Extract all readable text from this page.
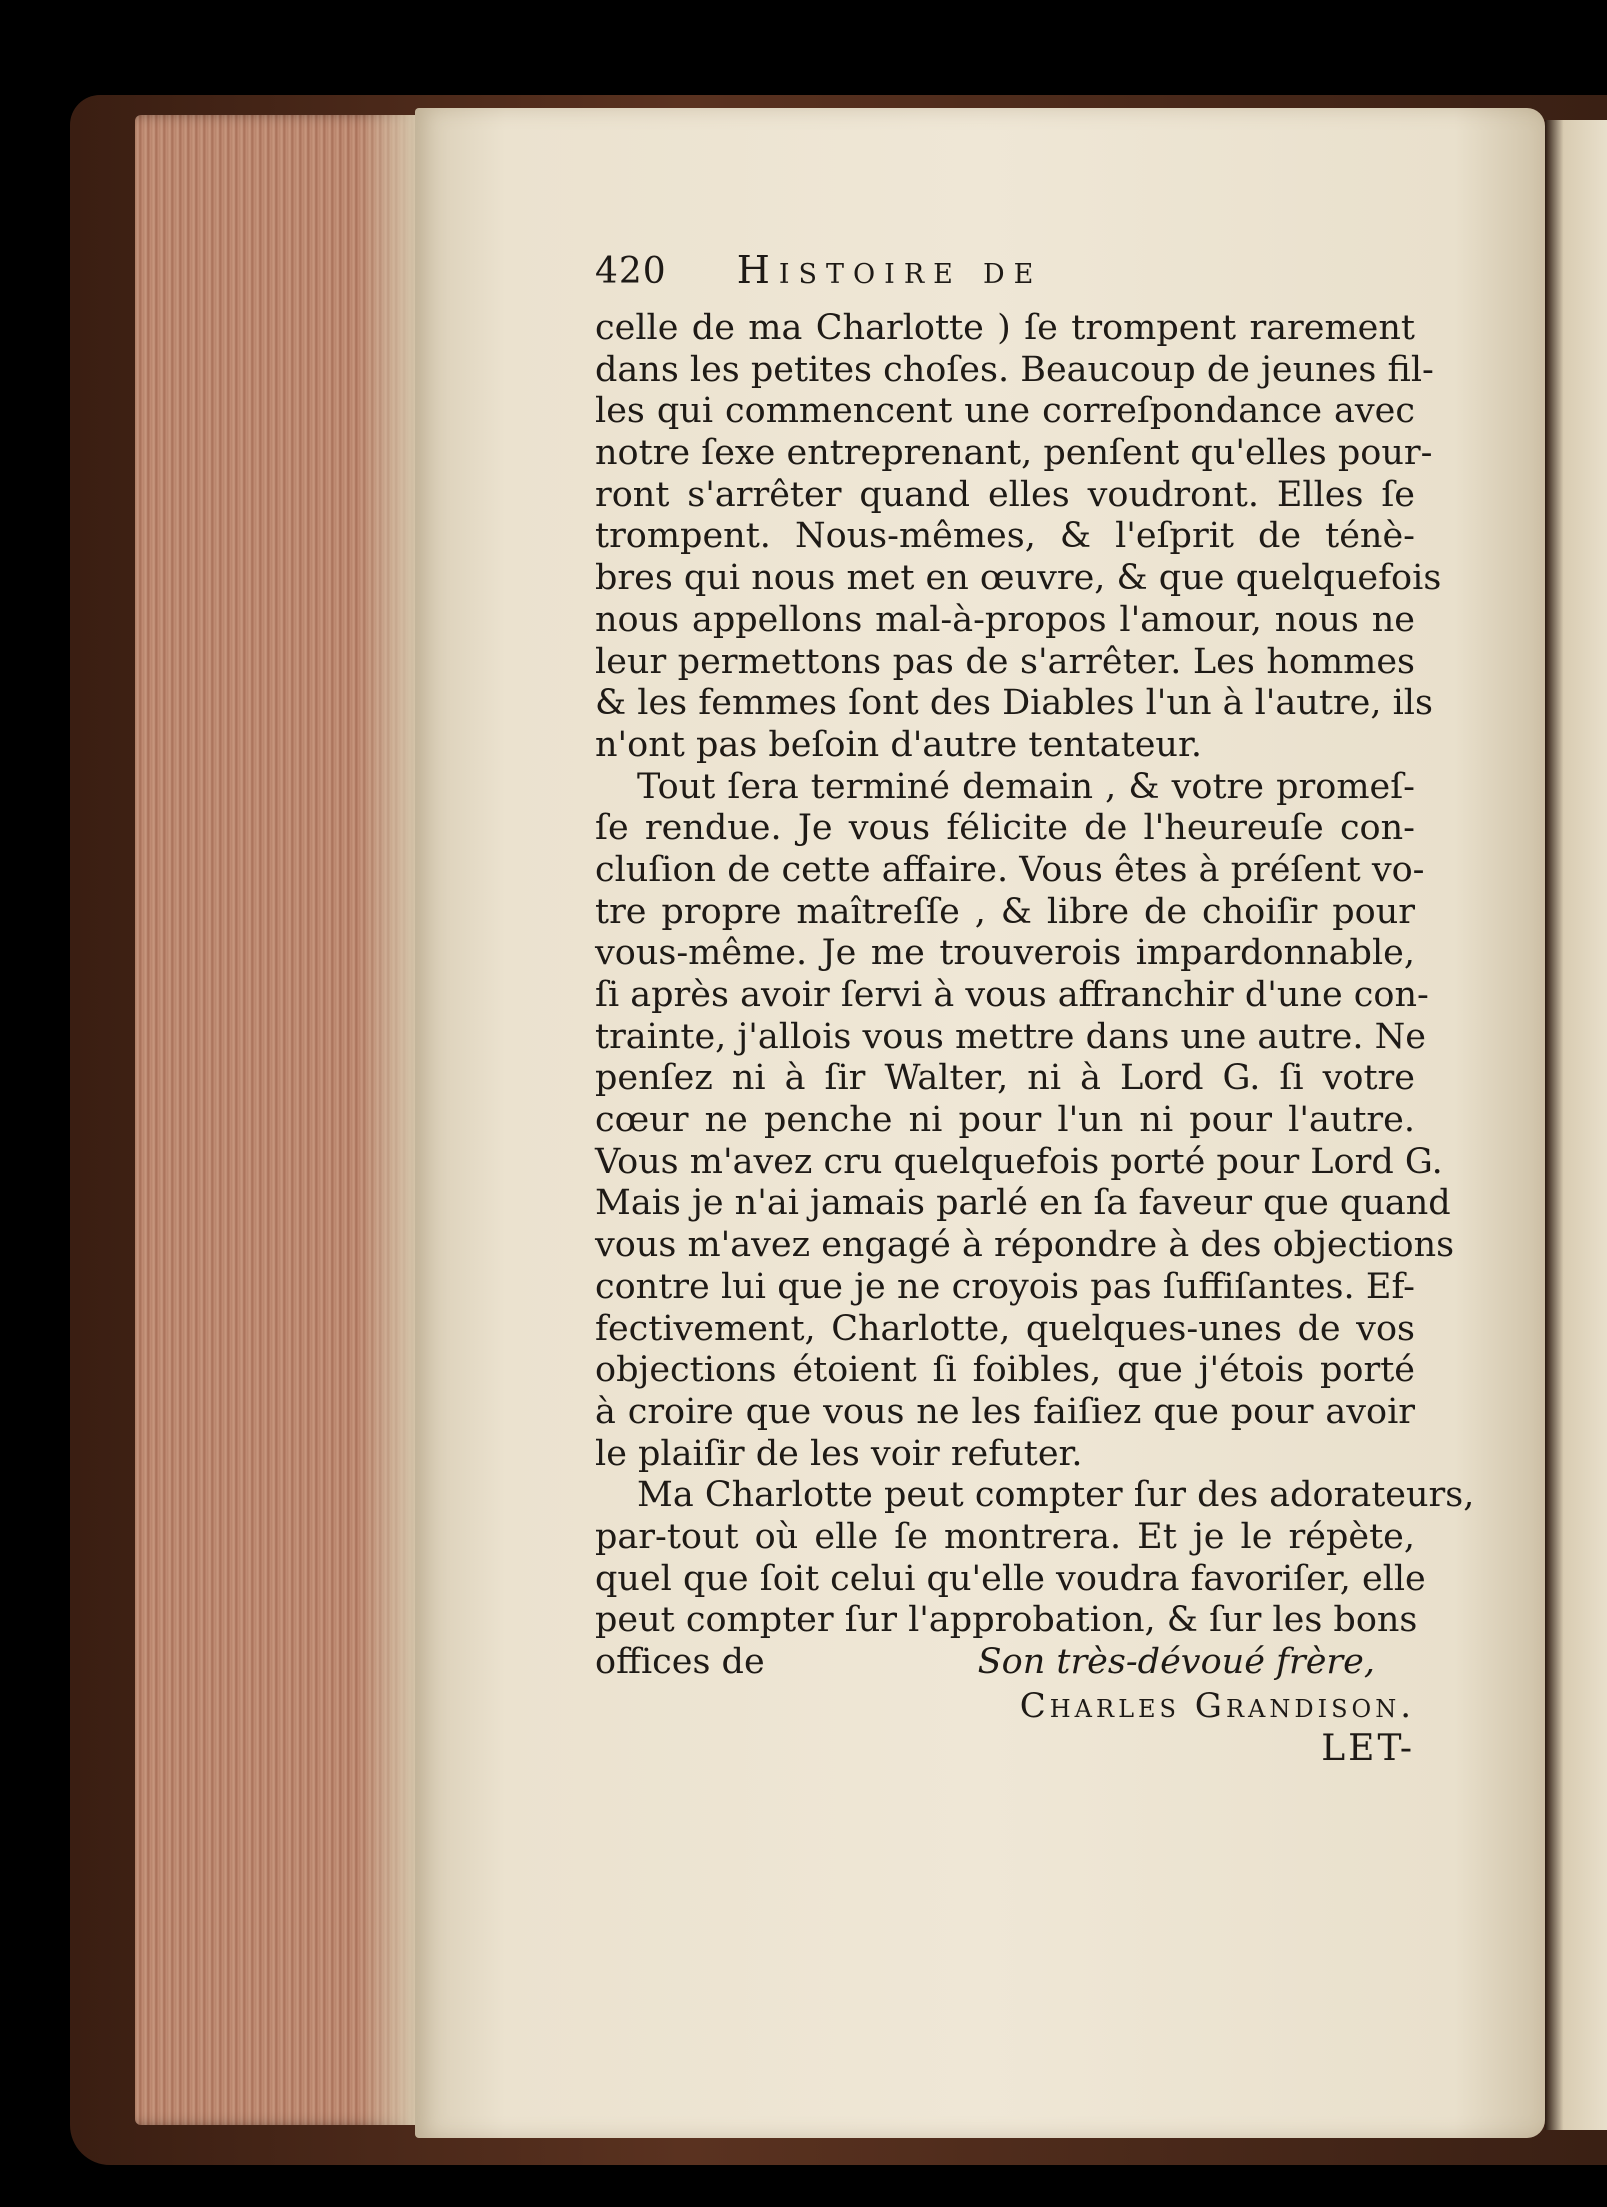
420 Histoire de
celle de ma Charlotte ) ſe trompent rarement
dans les petites choſes. Beaucoup de jeunes fil-
les qui commencent une correſpondance avec
notre ſexe entreprenant, penſent qu'elles pour-
ront s'arrêter quand elles voudront. Elles ſe
trompent. Nous-mêmes, & l'eſprit de ténè-
bres qui nous met en œuvre, & que quelquefois
nous appellons mal-à-propos l'amour, nous ne
leur permettons pas de s'arrêter. Les hommes
& les femmes ſont des Diables l'un à l'autre, ils
n'ont pas beſoin d'autre tentateur.
Tout ſera terminé demain , & votre promeſ-
ſe rendue. Je vous félicite de l'heureuſe con-
cluſion de cette affaire. Vous êtes à préſent vo-
tre propre maîtreſſe , & libre de choiſir pour
vous-même. Je me trouverois impardonnable,
ſi après avoir ſervi à vous affranchir d'une con-
trainte, j'allois vous mettre dans une autre. Ne
penſez ni à ſir Walter, ni à Lord G. ſi votre
cœur ne penche ni pour l'un ni pour l'autre.
Vous m'avez cru quelquefois porté pour Lord G.
Mais je n'ai jamais parlé en ſa faveur que quand
vous m'avez engagé à répondre à des objections
contre lui que je ne croyois pas ſuffiſantes. Ef-
fectivement, Charlotte, quelques-unes de vos
objections étoient ſi foibles, que j'étois porté
à croire que vous ne les faiſiez que pour avoir
le plaiſir de les voir refuter.
Ma Charlotte peut compter ſur des adorateurs,
par-tout où elle ſe montrera. Et je le répète,
quel que ſoit celui qu'elle voudra favoriſer, elle
peut compter ſur l'approbation, & ſur les bons
offices de	Son très-dévoué frère,
Charles Grandison.
LET-
